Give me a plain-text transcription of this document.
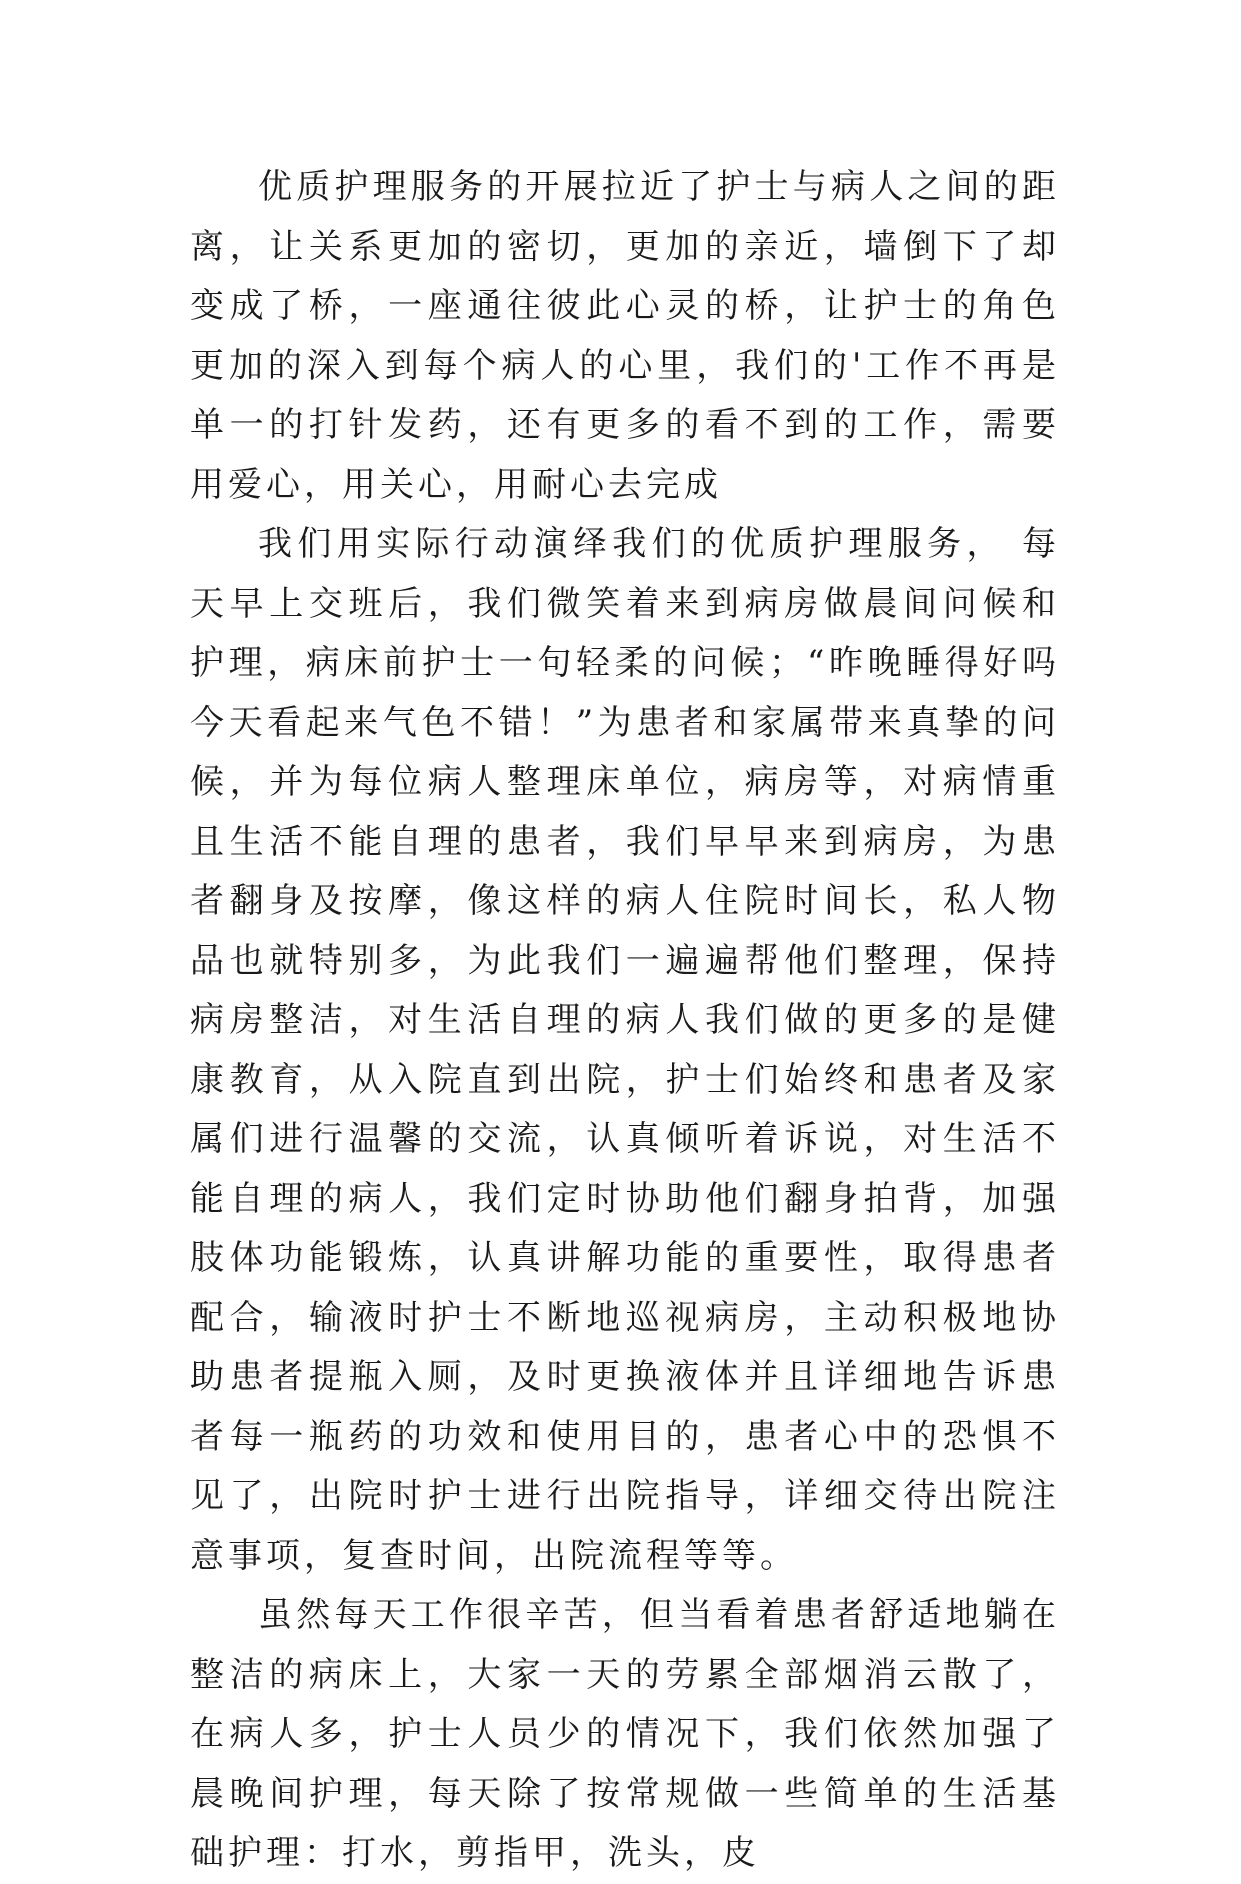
优质护理服务的开展拉近了护士与病人之间的距离，让关系更加的密切，更加的亲近，墙倒下了却变成了桥，一座通往彼此心灵的桥，让护士的角色更加的深入到每个病人的心里，我们的'工作不再是单一的打针发药，还有更多的看不到的工作，需要用爱心，用关心，用耐心去完成

我们用实际行动演绎我们的优质护理服务， 每天早上交班后，我们微笑着来到病房做晨间问候和护理，病床前护士一句轻柔的问候；“昨晚睡得好吗今天看起来气色不错！”为患者和家属带来真挚的问候，并为每位病人整理床单位，病房等，对病情重且生活不能自理的患者，我们早早来到病房，为患者翻身及按摩，像这样的病人住院时间长，私人物品也就特别多，为此我们一遍遍帮他们整理，保持病房整洁，对生活自理的病人我们做的更多的是健康教育，从入院直到出院，护士们始终和患者及家属们进行温馨的交流，认真倾听着诉说，对生活不能自理的病人，我们定时协助他们翻身拍背，加强肢体功能锻炼，认真讲解功能的重要性，取得患者配合，输液时护士不断地巡视病房，主动积极地协助患者提瓶入厕，及时更换液体并且详细地告诉患者每一瓶药的功效和使用目的，患者心中的恐惧不见了，出院时护士进行出院指导，详细交待出院注意事项，复查时间，出院流程等等。

虽然每天工作很辛苦，但当看着患者舒适地躺在整洁的病床上，大家一天的劳累全部烟消云散了，在病人多，护士人员少的情况下，我们依然加强了晨晚间护理，每天除了按常规做一些简单的生活基础护理：打水，剪指甲，洗头，皮
